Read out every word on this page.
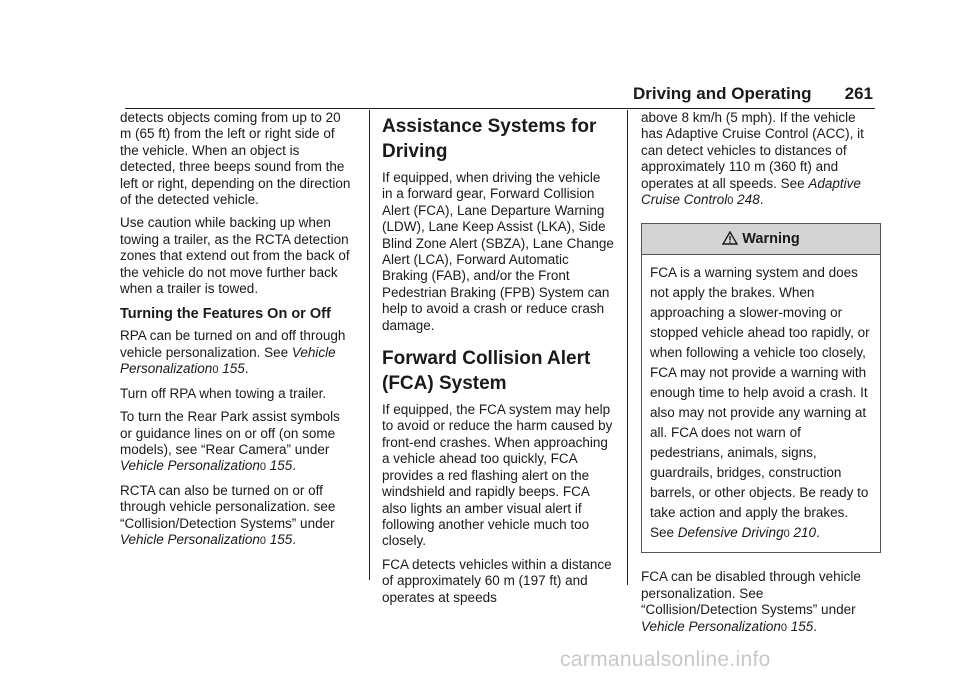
Driving and Operating 261

detects objects coming from up to 20 m (65 ft) from the left or right side of the vehicle. When an object is detected, three beeps sound from the left or right, depending on the direction of the detected vehicle.

Use caution while backing up when towing a trailer, as the RCTA detection zones that extend out from the back of the vehicle do not move further back when a trailer is towed.

Turning the Features On or Off

RPA can be turned on and off through vehicle personalization. See Vehicle Personalization0 155.

Turn off RPA when towing a trailer.

To turn the Rear Park assist symbols or guidance lines on or off (on some models), see “Rear Camera” under Vehicle Personalization0 155.

RCTA can also be turned on or off through vehicle personalization. see “Collision/Detection Systems” under Vehicle Personalization0 155.

Assistance Systems for Driving

If equipped, when driving the vehicle in a forward gear, Forward Collision Alert (FCA), Lane Departure Warning (LDW), Lane Keep Assist (LKA), Side Blind Zone Alert (SBZA), Lane Change Alert (LCA), Forward Automatic Braking (FAB), and/or the Front Pedestrian Braking (FPB) System can help to avoid a crash or reduce crash damage.

Forward Collision Alert (FCA) System

If equipped, the FCA system may help to avoid or reduce the harm caused by front-end crashes. When approaching a vehicle ahead too quickly, FCA provides a red flashing alert on the windshield and rapidly beeps. FCA also lights an amber visual alert if following another vehicle much too closely.

FCA detects vehicles within a distance of approximately 60 m (197 ft) and operates at speeds

above 8 km/h (5 mph). If the vehicle has Adaptive Cruise Control (ACC), it can detect vehicles to distances of approximately 110 m (360 ft) and operates at all speeds. See Adaptive Cruise Control0 248.

Warning
FCA is a warning system and does not apply the brakes. When approaching a slower-moving or stopped vehicle ahead too rapidly, or when following a vehicle too closely, FCA may not provide a warning with enough time to help avoid a crash. It also may not provide any warning at all. FCA does not warn of pedestrians, animals, signs, guardrails, bridges, construction barrels, or other objects. Be ready to take action and apply the brakes. See Defensive Driving0 210.

FCA can be disabled through vehicle personalization. See “Collision/Detection Systems” under Vehicle Personalization0 155.

carmanualsonline.info
